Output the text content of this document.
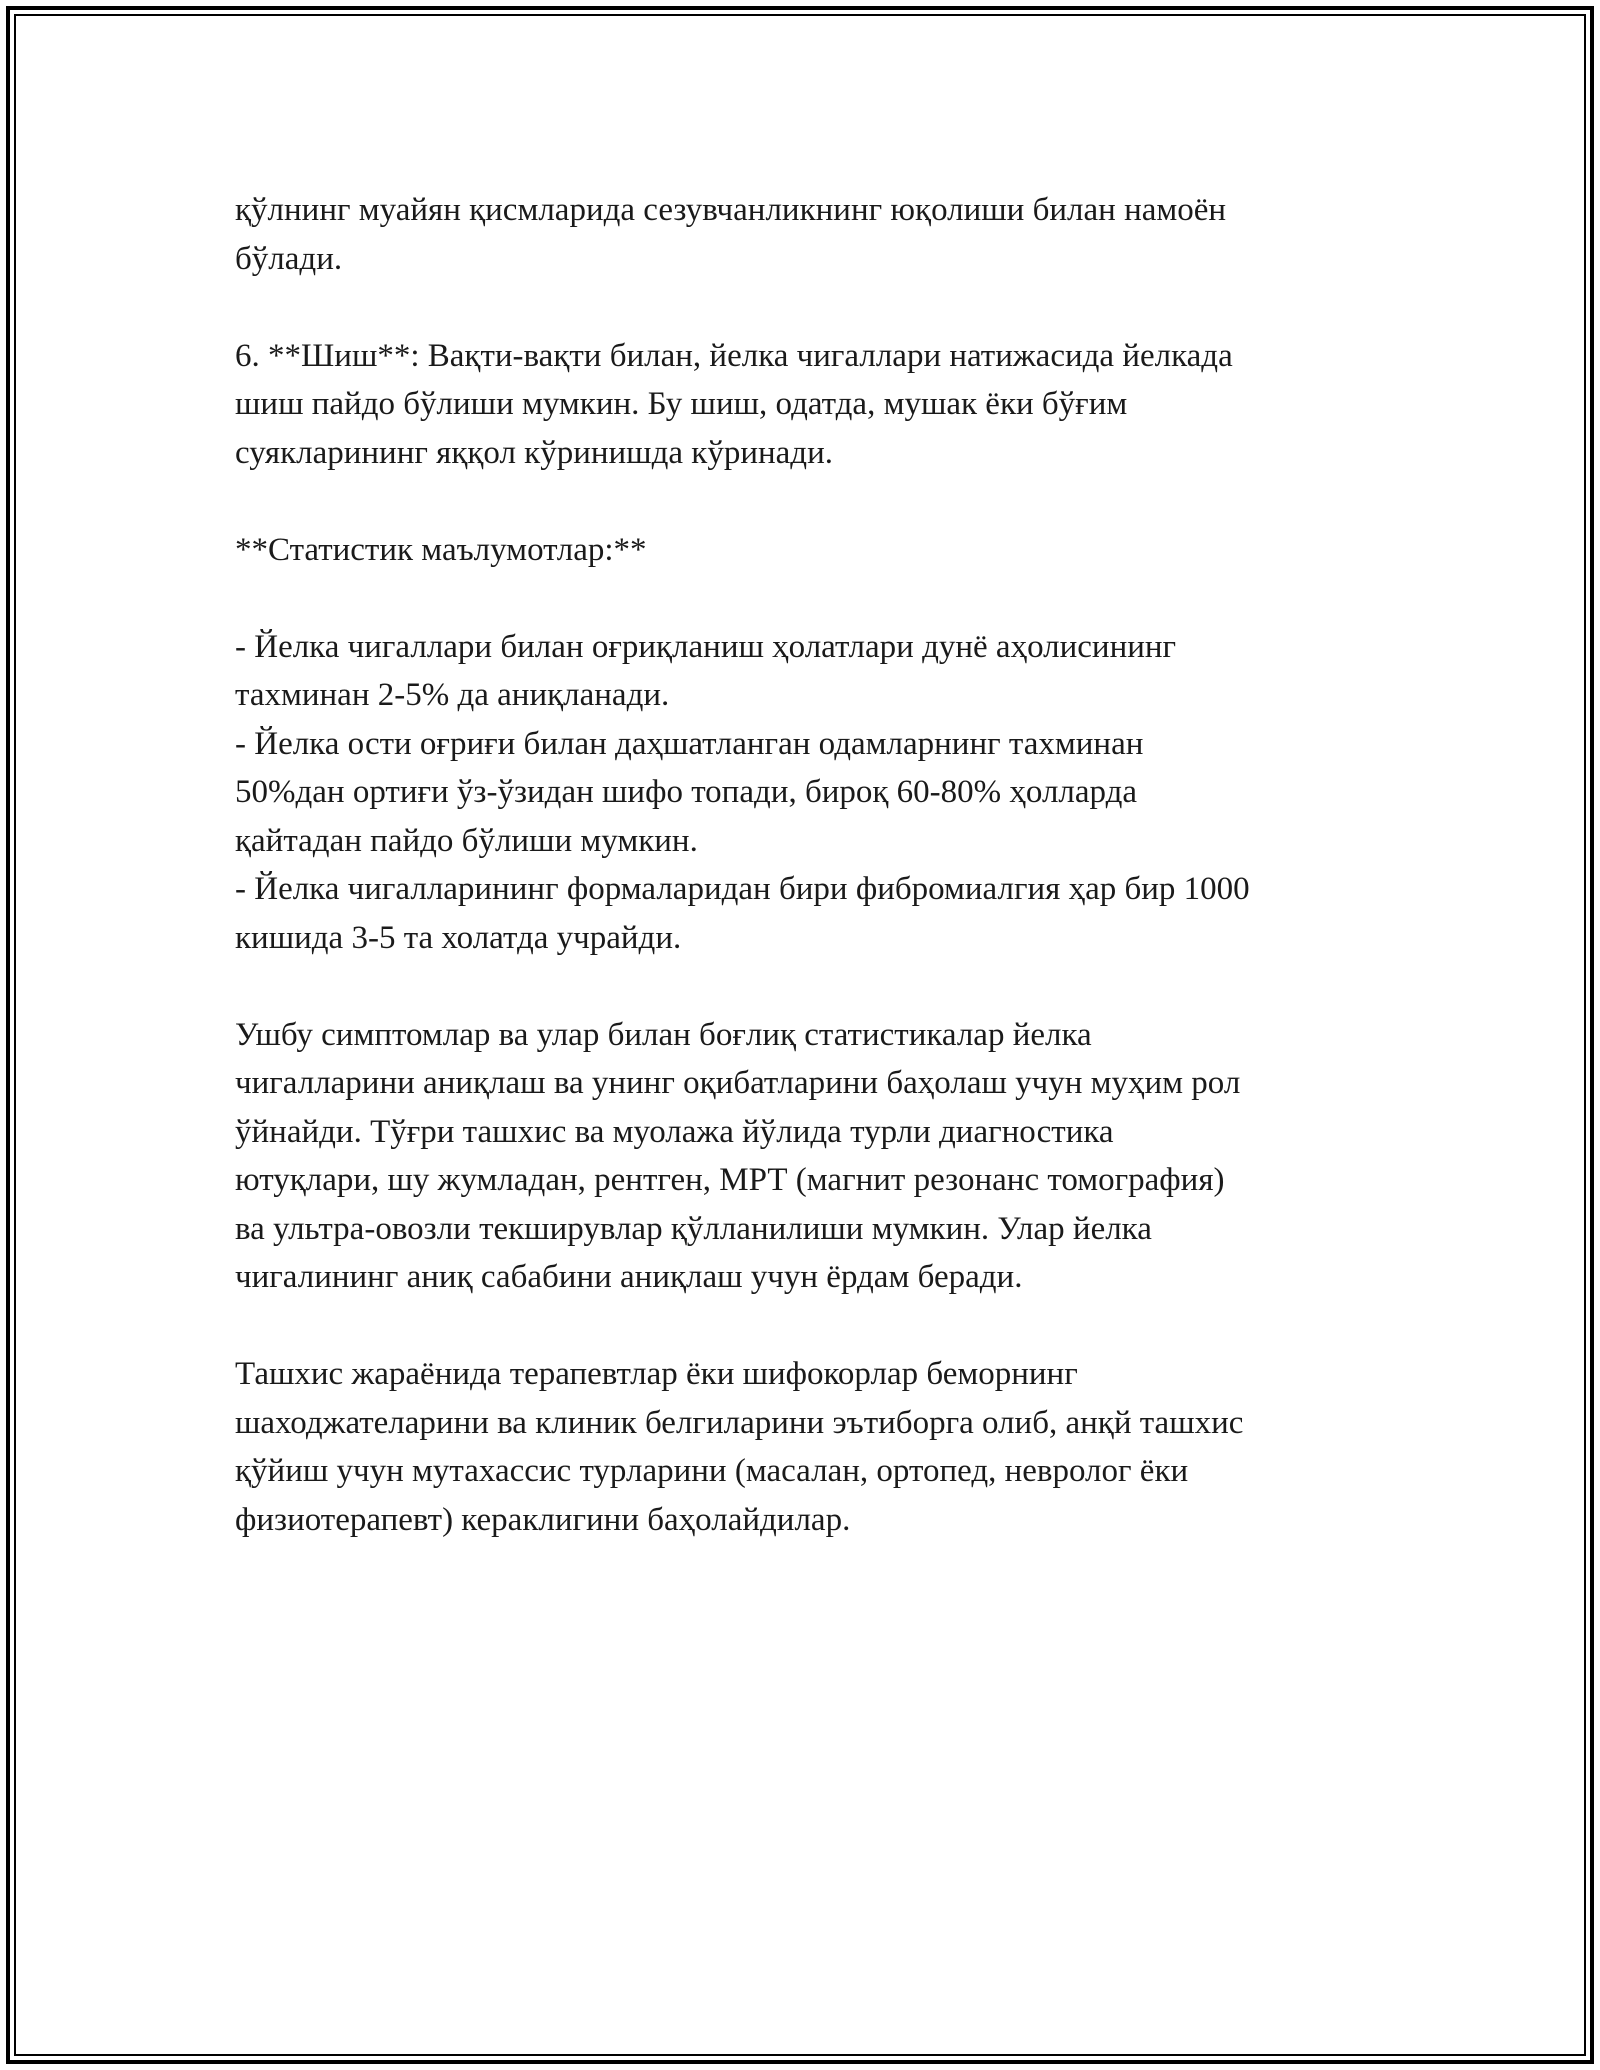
қўлнинг муайян қисмларида сезувчанликнинг юқолиши билан намоён
бўлади.

6. **Шиш**: Вақти-вақти билан, йелка чигаллари натижасида йелкада
шиш пайдо бўлиши мумкин. Бу шиш, одатда, мушак ёки бўғим
суякларининг яққол кўринишда кўринади.

**Статистик маълумотлар:**

- Йелка чигаллари билан оғриқланиш ҳолатлари дунё аҳолисининг
тахминан 2-5% да аниқланади.
- Йелка ости оғриғи билан даҳшатланган одамларнинг тахминан
50%дан ортиғи ўз-ўзидан шифо топади, бироқ 60-80% ҳолларда
қайтадан пайдо бўлиши мумкин.
- Йелка чигалларининг формаларидан бири фибромиалгия ҳар бир 1000
кишида 3-5 та холатда учрайди.

Ушбу симптомлар ва улар билан боғлиқ статистикалар йелка
чигалларини аниқлаш ва унинг оқибатларини баҳолаш учун муҳим рол
ўйнайди. Тўғри ташхис ва муолажа йўлида турли диагностика
ютуқлари, шу жумладан, рентген, МРТ (магнит резонанс томография)
ва ультра-овозли текширувлар қўлланилиши мумкин. Улар йелка
чигалининг аниқ сабабини аниқлаш учун ёрдам беради.

Ташхис жараёнида терапевтлар ёки шифокорлар беморнинг
шаходжателарини ва клиник белгиларини эътиборга олиб, анқй ташхис
қўйиш учун мутахассис турларини (масалан, ортопед, невролог ёки
физиотерапевт) кераклигини баҳолайдилар.
